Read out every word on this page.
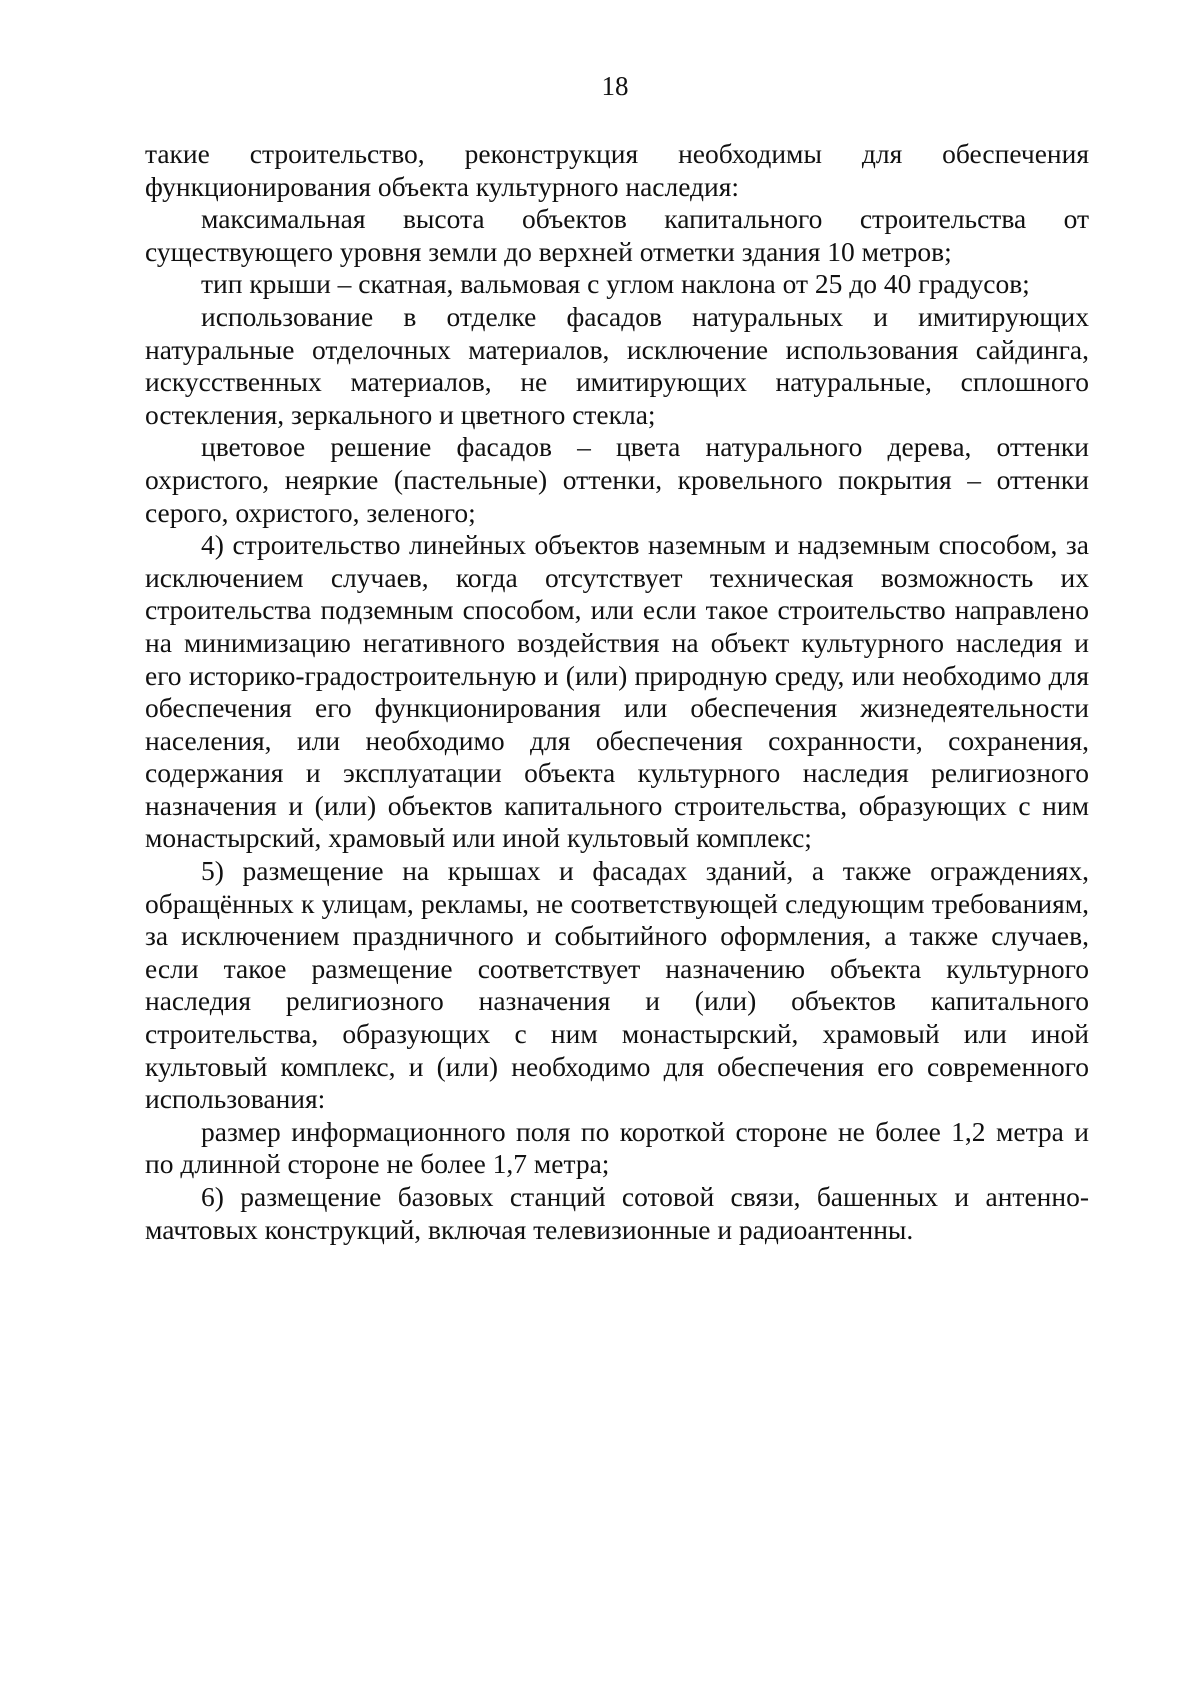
18

такие строительство, реконструкция необходимы для обеспечения функционирования объекта культурного наследия:

максимальная высота объектов капитального строительства от существующего уровня земли до верхней отметки здания 10 метров;

тип крыши – скатная, вальмовая с углом наклона от 25 до 40 градусов;

использование в отделке фасадов натуральных и имитирующих натуральные отделочных материалов, исключение использования сайдинга, искусственных материалов, не имитирующих натуральные, сплошного остекления, зеркального и цветного стекла;

цветовое решение фасадов – цвета натурального дерева, оттенки охристого, неяркие (пастельные) оттенки, кровельного покрытия – оттенки серого, охристого, зеленого;

4) строительство линейных объектов наземным и надземным способом, за исключением случаев, когда отсутствует техническая возможность их строительства подземным способом, или если такое строительство направлено на минимизацию негативного воздействия на объект культурного наследия и его историко-градостроительную и (или) природную среду, или необходимо для обеспечения его функционирования или обеспечения жизнедеятельности населения, или необходимо для обеспечения сохранности, сохранения, содержания и эксплуатации объекта культурного наследия религиозного назначения и (или) объектов капитального строительства, образующих с ним монастырский, храмовый или иной культовый комплекс;

5) размещение на крышах и фасадах зданий, а также ограждениях, обращённых к улицам, рекламы, не соответствующей следующим требованиям, за исключением праздничного и событийного оформления, а также случаев, если такое размещение соответствует назначению объекта культурного наследия религиозного назначения и (или) объектов капитального строительства, образующих с ним монастырский, храмовый или иной культовый комплекс, и (или) необходимо для обеспечения его современного использования:

размер информационного поля по короткой стороне не более 1,2 метра и по длинной стороне не более 1,7 метра;

6) размещение базовых станций сотовой связи, башенных и антенно-мачтовых конструкций, включая телевизионные и радиоантенны.
